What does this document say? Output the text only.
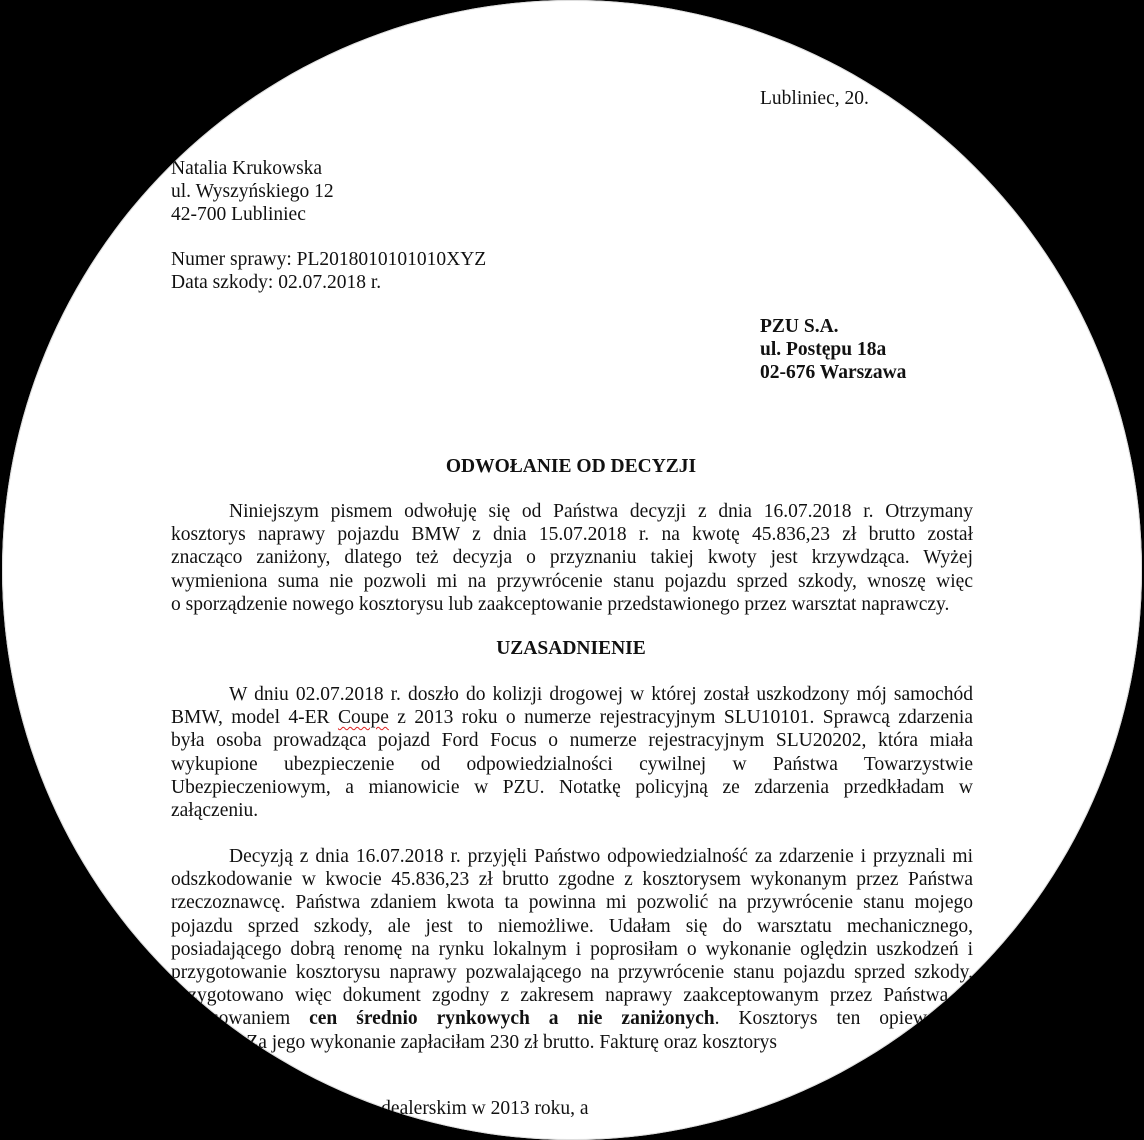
Lubliniec, 20.
Natalia Krukowska
ul. Wyszyńskiego 12
42-700 Lubliniec
Numer sprawy: PL2018010101010XYZ
Data szkody: 02.07.2018 r.
PZU S.A.
ul. Postępu 18a
02-676 Warszawa
ODWOŁANIE OD DECYZJI
Niniejszym pismem odwołuję się od Państwa decyzji z dnia 16.07.2018 r. Otrzymany
kosztorys naprawy pojazdu BMW z dnia 15.07.2018 r. na kwotę 45.836,23 zł brutto został
znacząco zaniżony, dlatego też decyzja o przyznaniu takiej kwoty jest krzywdząca. Wyżej
wymieniona suma nie pozwoli mi na przywrócenie stanu pojazdu sprzed szkody, wnoszę więc
o sporządzenie nowego kosztorysu lub zaakceptowanie przedstawionego przez warsztat naprawczy.
UZASADNIENIE
W dniu 02.07.2018 r. doszło do kolizji drogowej w której został uszkodzony mój samochód
BMW, model 4-ER Coupe z 2013 roku o numerze rejestracyjnym SLU10101. Sprawcą zdarzenia
była osoba prowadząca pojazd Ford Focus o numerze rejestracyjnym SLU20202, która miała
wykupione ubezpieczenie od odpowiedzialności cywilnej w Państwa Towarzystwie
Ubezpieczeniowym, a mianowicie w PZU. Notatkę policyjną ze zdarzenia przedkładam w
załączeniu.
Decyzją z dnia 16.07.2018 r. przyjęli Państwo odpowiedzialność za zdarzenie i przyznali mi
odszkodowanie w kwocie 45.836,23 zł brutto zgodne z kosztorysem wykonanym przez Państwa
rzeczoznawcę. Państwa zdaniem kwota ta powinna mi pozwolić na przywrócenie stanu mojego
pojazdu sprzed szkody, ale jest to niemożliwe. Udałam się do warsztatu mechanicznego,
posiadającego dobrą renomę na rynku lokalnym i poprosiłam o wykonanie oględzin uszkodzeń i
przygotowanie kosztorysu naprawy pozwalającego na przywrócenie stanu pojazdu sprzed szkody.
Przygotowano więc dokument zgodny z zakresem naprawy zaakceptowanym przez Państwa, z
zastosowaniem cen średnio rynkowych a nie zaniżonych. Kosztorys ten opiewa na
zł brutto. Za jego wykonanie zapłaciłam 230 zł brutto. Fakturę oraz kosztorys
Kupiłam w salonie dealerskim w 2013 roku, a
